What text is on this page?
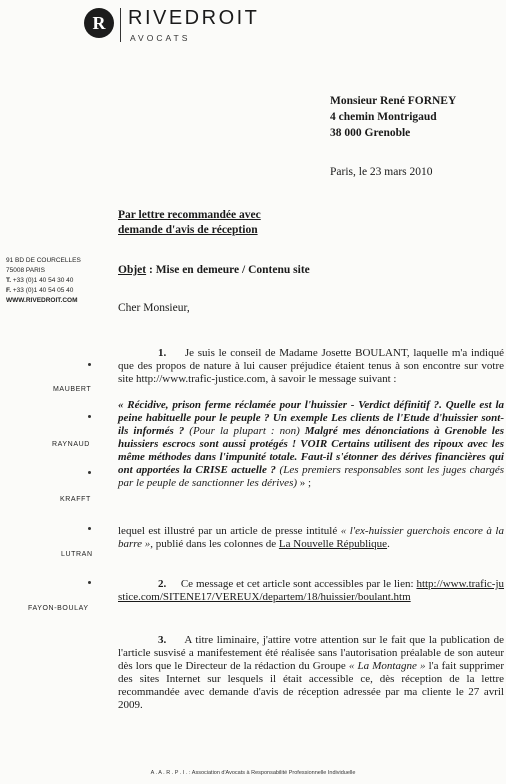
R	RIVEDROIT
AVOCATS
Monsieur René FORNEY
4 chemin Montrigaud
38 000 Grenoble
Paris, le 23 mars 2010
Par lettre recommandée avec
demande d'avis de réception
91 BD DE COURCELLES
75008 PARIS
T. +33 (0)1 40 54 30 40
F. +33 (0)1 40 54 05 40
WWW.RIVEDROIT.COM
MAUBERT
RAYNAUD
KRAFFT
LUTRAN
FAYON-BOULAY
Objet : Mise en demeure / Contenu site
Cher Monsieur,
1. Je suis le conseil de Madame Josette BOULANT, laquelle m'a indiqué que des propos de nature à lui causer préjudice étaient tenus à son encontre sur votre site http://www.trafic-justice.com, à savoir le message suivant :
« Récidive, prison ferme réclamée pour l'huissier - Verdict définitif ?. Quelle est la peine habituelle pour le peuple ? Un exemple Les clients de l'Etude d'huissier sont-ils informés ? (Pour la plupart : non) Malgré mes dénonciations à Grenoble les huissiers escrocs sont aussi protégés ! VOIR Certains utilisent des ripoux avec les même méthodes dans l'impunité totale. Faut-il s'étonner des dérives financières qui ont apportées la CRISE actuelle ? (Les premiers responsables sont les juges chargés par le peuple de sanctionner les dérives) » ;
lequel est illustré par un article de presse intitulé « l'ex-huissier guerchois encore à la barre », publié dans les colonnes de La Nouvelle République.
2. Ce message et cet article sont accessibles par le lien: http://www.trafic-justice.com/SITENE17/VEREUX/departem/18/huissier/boulant.htm
3. A titre liminaire, j'attire votre attention sur le fait que la publication de l'article susvisé a manifestement été réalisée sans l'autorisation préalable de son auteur dès lors que le Directeur de la rédaction du Groupe « La Montagne » l'a fait supprimer des sites Internet sur lesquels il était accessible ce, dès réception de la lettre recommandée avec demande d'avis de réception adressée par ma cliente le 27 avril 2009.
A . A . R . P . I . : Association d'Avocats à Responsabilité Professionnelle Individuelle
